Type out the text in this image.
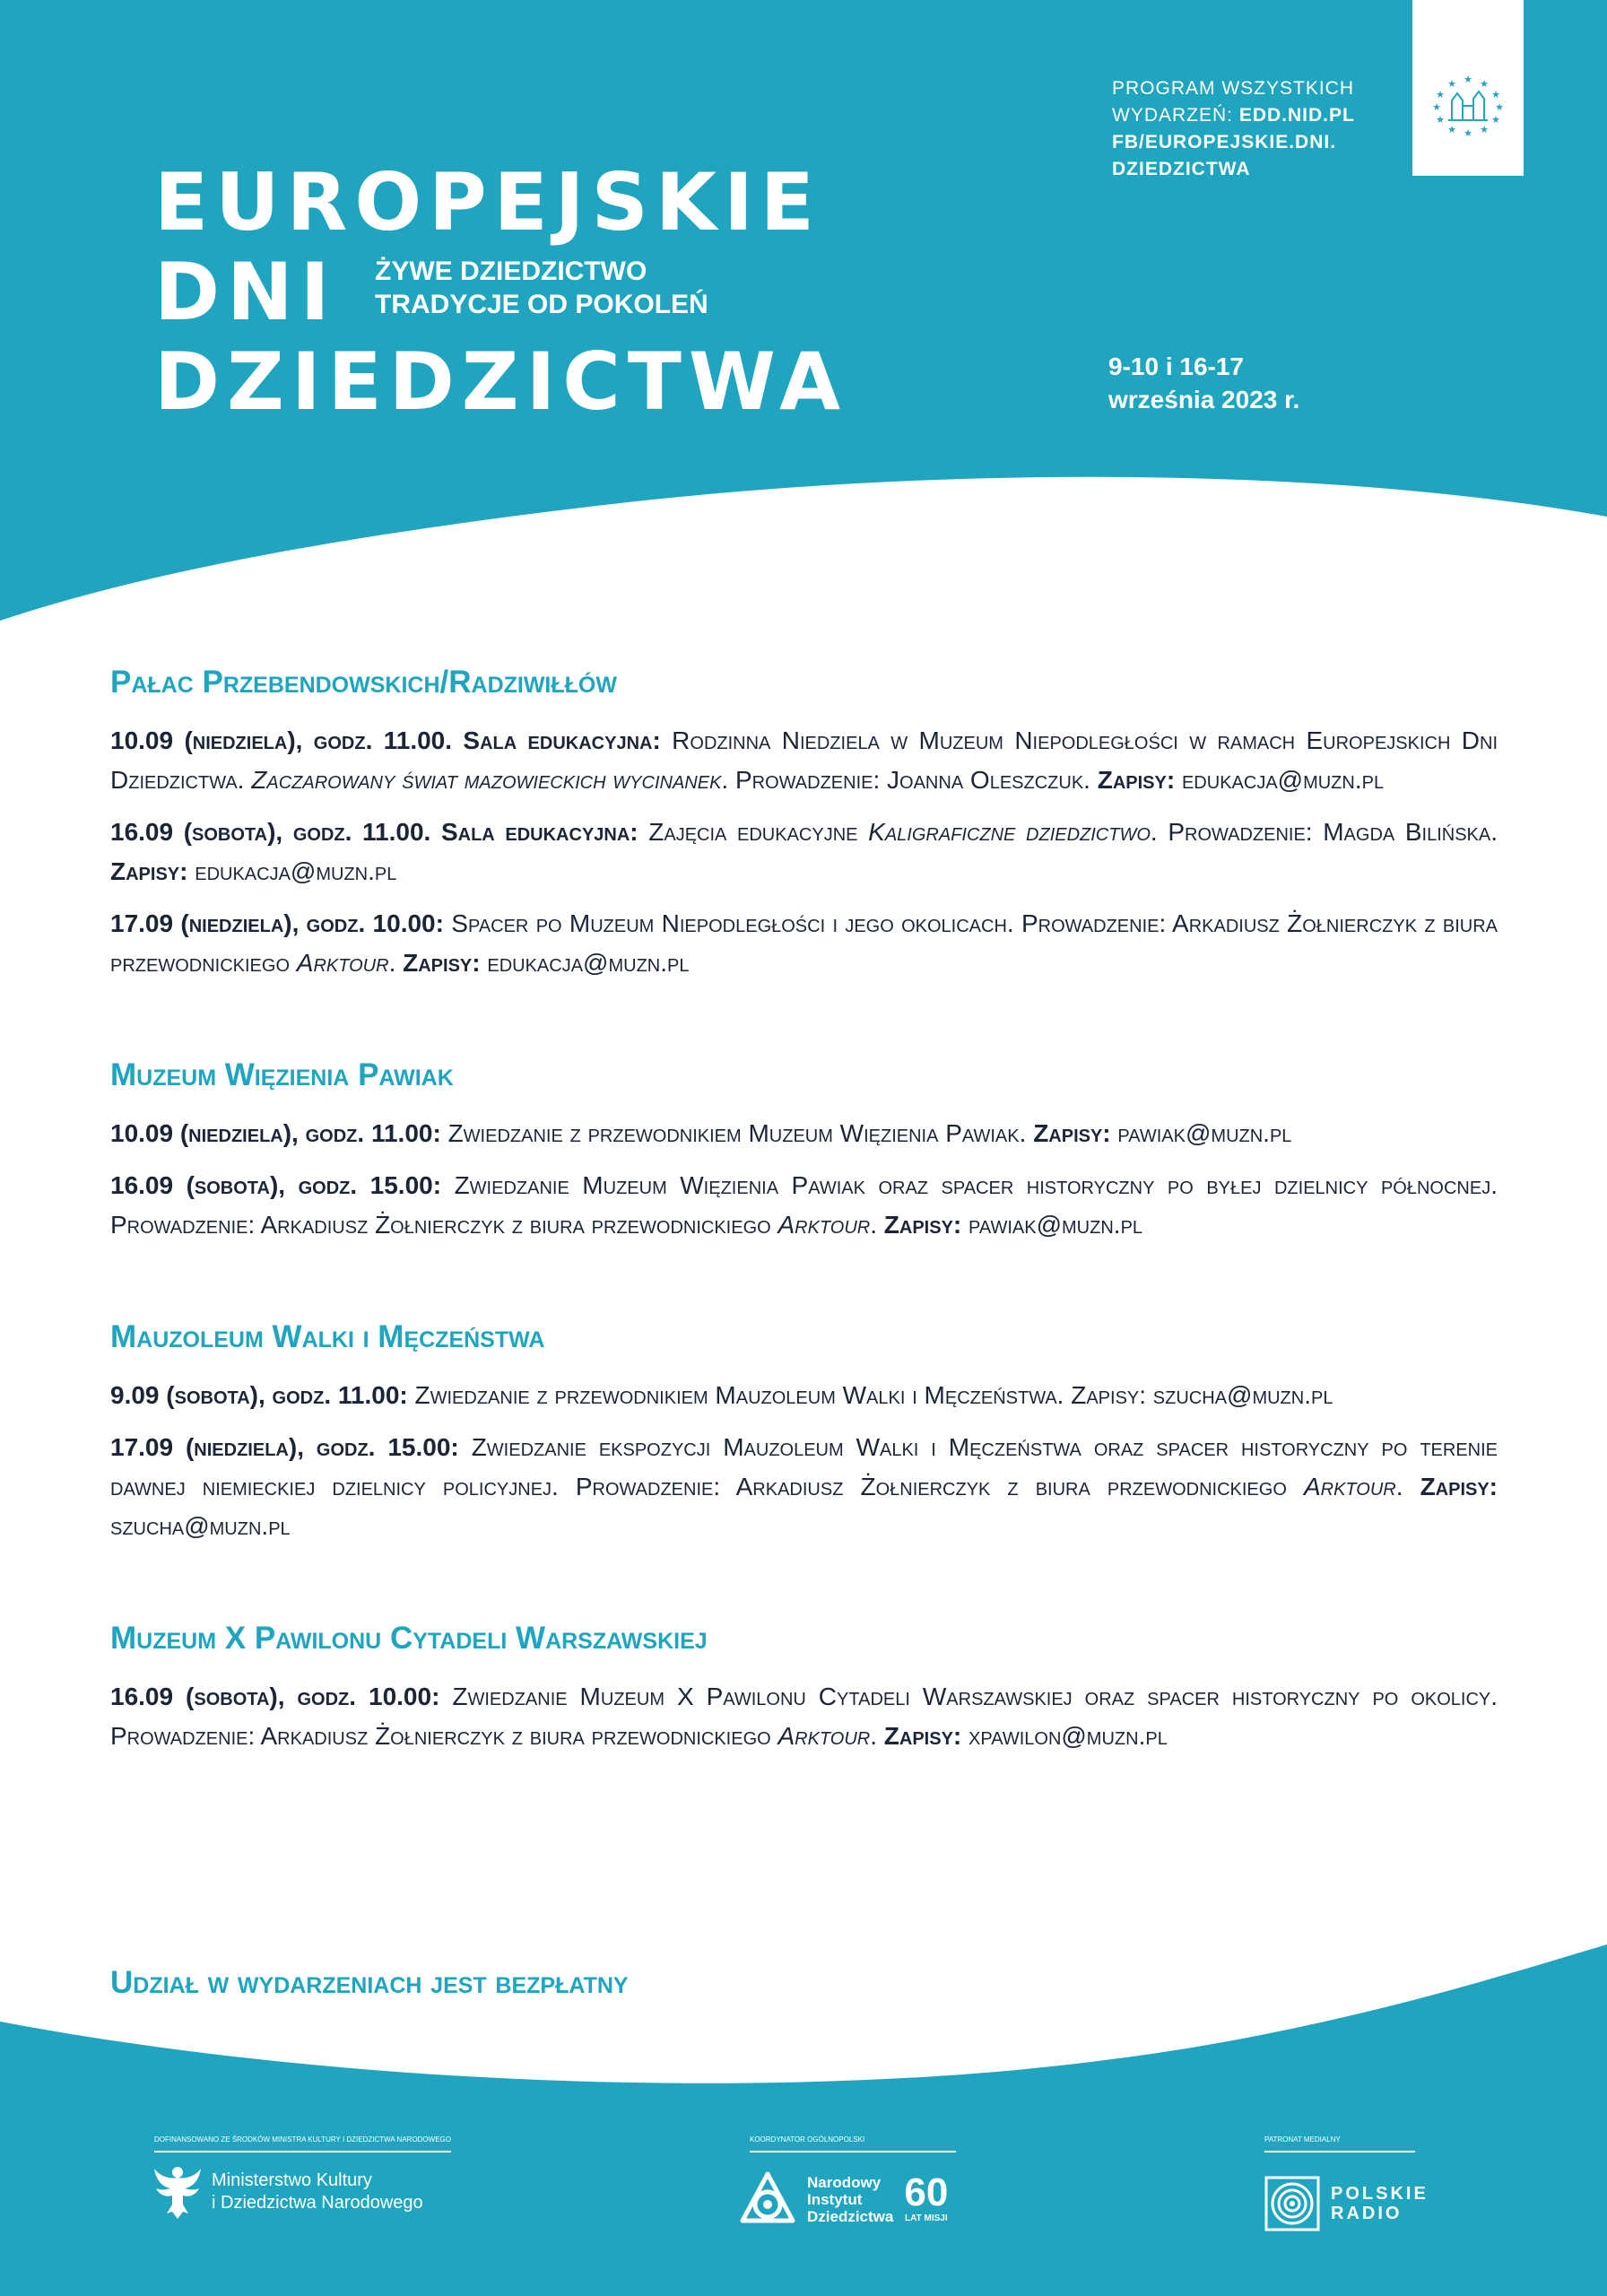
EUROPEJSKIE
DNI
DZIEDZICTWA
ŻYWE DZIEDZICTWO
TRADYCJE OD POKOLEŃ
PROGRAM WSZYSTKICH
WYDARZEŃ: EDD.NID.PL
FB/EUROPEJSKIE.DNI.
DZIEDZICTWA
★ ★
★
★
★
★
★
★
★
★
★
★
9-10 i 16-17
września 2023 r.
Pałac Przebendowskich/Radziwiłłów

10.09 (niedziela), godz. 11.00. Sala edukacyjna: Rodzinna Niedziela w Muzeum Niepodległości w ramach Europejskich Dni Dziedzictwa. Zaczarowany świat mazowieckich wycinanek. Prowadzenie: Joanna Oleszczuk. Zapisy: edukacja@muzn.pl

16.09 (sobota), godz. 11.00. Sala edukacyjna: Zajęcia edukacyjne Kaligraficzne dziedzictwo. Prowadzenie: Magda Bilińska. Zapisy: edukacja@muzn.pl

17.09 (niedziela), godz. 10.00: Spacer po Muzeum Niepodległości i jego okolicach. Prowadzenie: Arkadiusz Żołnierczyk z biura przewodnickiego Arktour. Zapisy: edukacja@muzn.pl

Muzeum Więzienia Pawiak

10.09 (niedziela), godz. 11.00: Zwiedzanie z przewodnikiem Muzeum Więzienia Pawiak. Zapisy: pawiak@muzn.pl

16.09 (sobota), godz. 15.00: Zwiedzanie Muzeum Więzienia Pawiak oraz spacer historyczny po byłej dzielnicy północnej. Prowadzenie: Arkadiusz Żołnierczyk z biura przewodnickiego Arktour. Zapisy: pawiak@muzn.pl

Mauzoleum Walki i Męczeństwa

9.09 (sobota), godz. 11.00: Zwiedzanie z przewodnikiem Mauzoleum Walki i Męczeństwa. Zapisy: szucha@muzn.pl

17.09 (niedziela), godz. 15.00: Zwiedzanie ekspozycji Mauzoleum Walki i Męczeństwa oraz spacer historyczny po terenie dawnej niemieckiej dzielnicy policyjnej. Prowadzenie: Arkadiusz Żołnierczyk z biura przewodnickiego Arktour. Zapisy: szucha@muzn.pl

Muzeum X Pawilonu Cytadeli Warszawskiej

16.09 (sobota), godz. 10.00: Zwiedzanie Muzeum X Pawilonu Cytadeli Warszawskiej oraz spacer historyczny po okolicy. Prowadzenie: Arkadiusz Żołnierczyk z biura przewodnickiego Arktour. Zapisy: xpawilon@muzn.pl

Udział w wydarzeniach jest bezpłatny

DOFINANSOWANO ZE ŚRODKÓW MINISTRA KULTURY I DZIEDZICTWA NARODOWEGO
Ministerstwo Kultury
i Dziedzictwa Narodowego
KOORDYNATOR OGÓLNOPOLSKI
Narodowy
Instytut
Dziedzictwa
60
LAT MISJI
PATRONAT MEDIALNY
POLSKIE
RADIO
